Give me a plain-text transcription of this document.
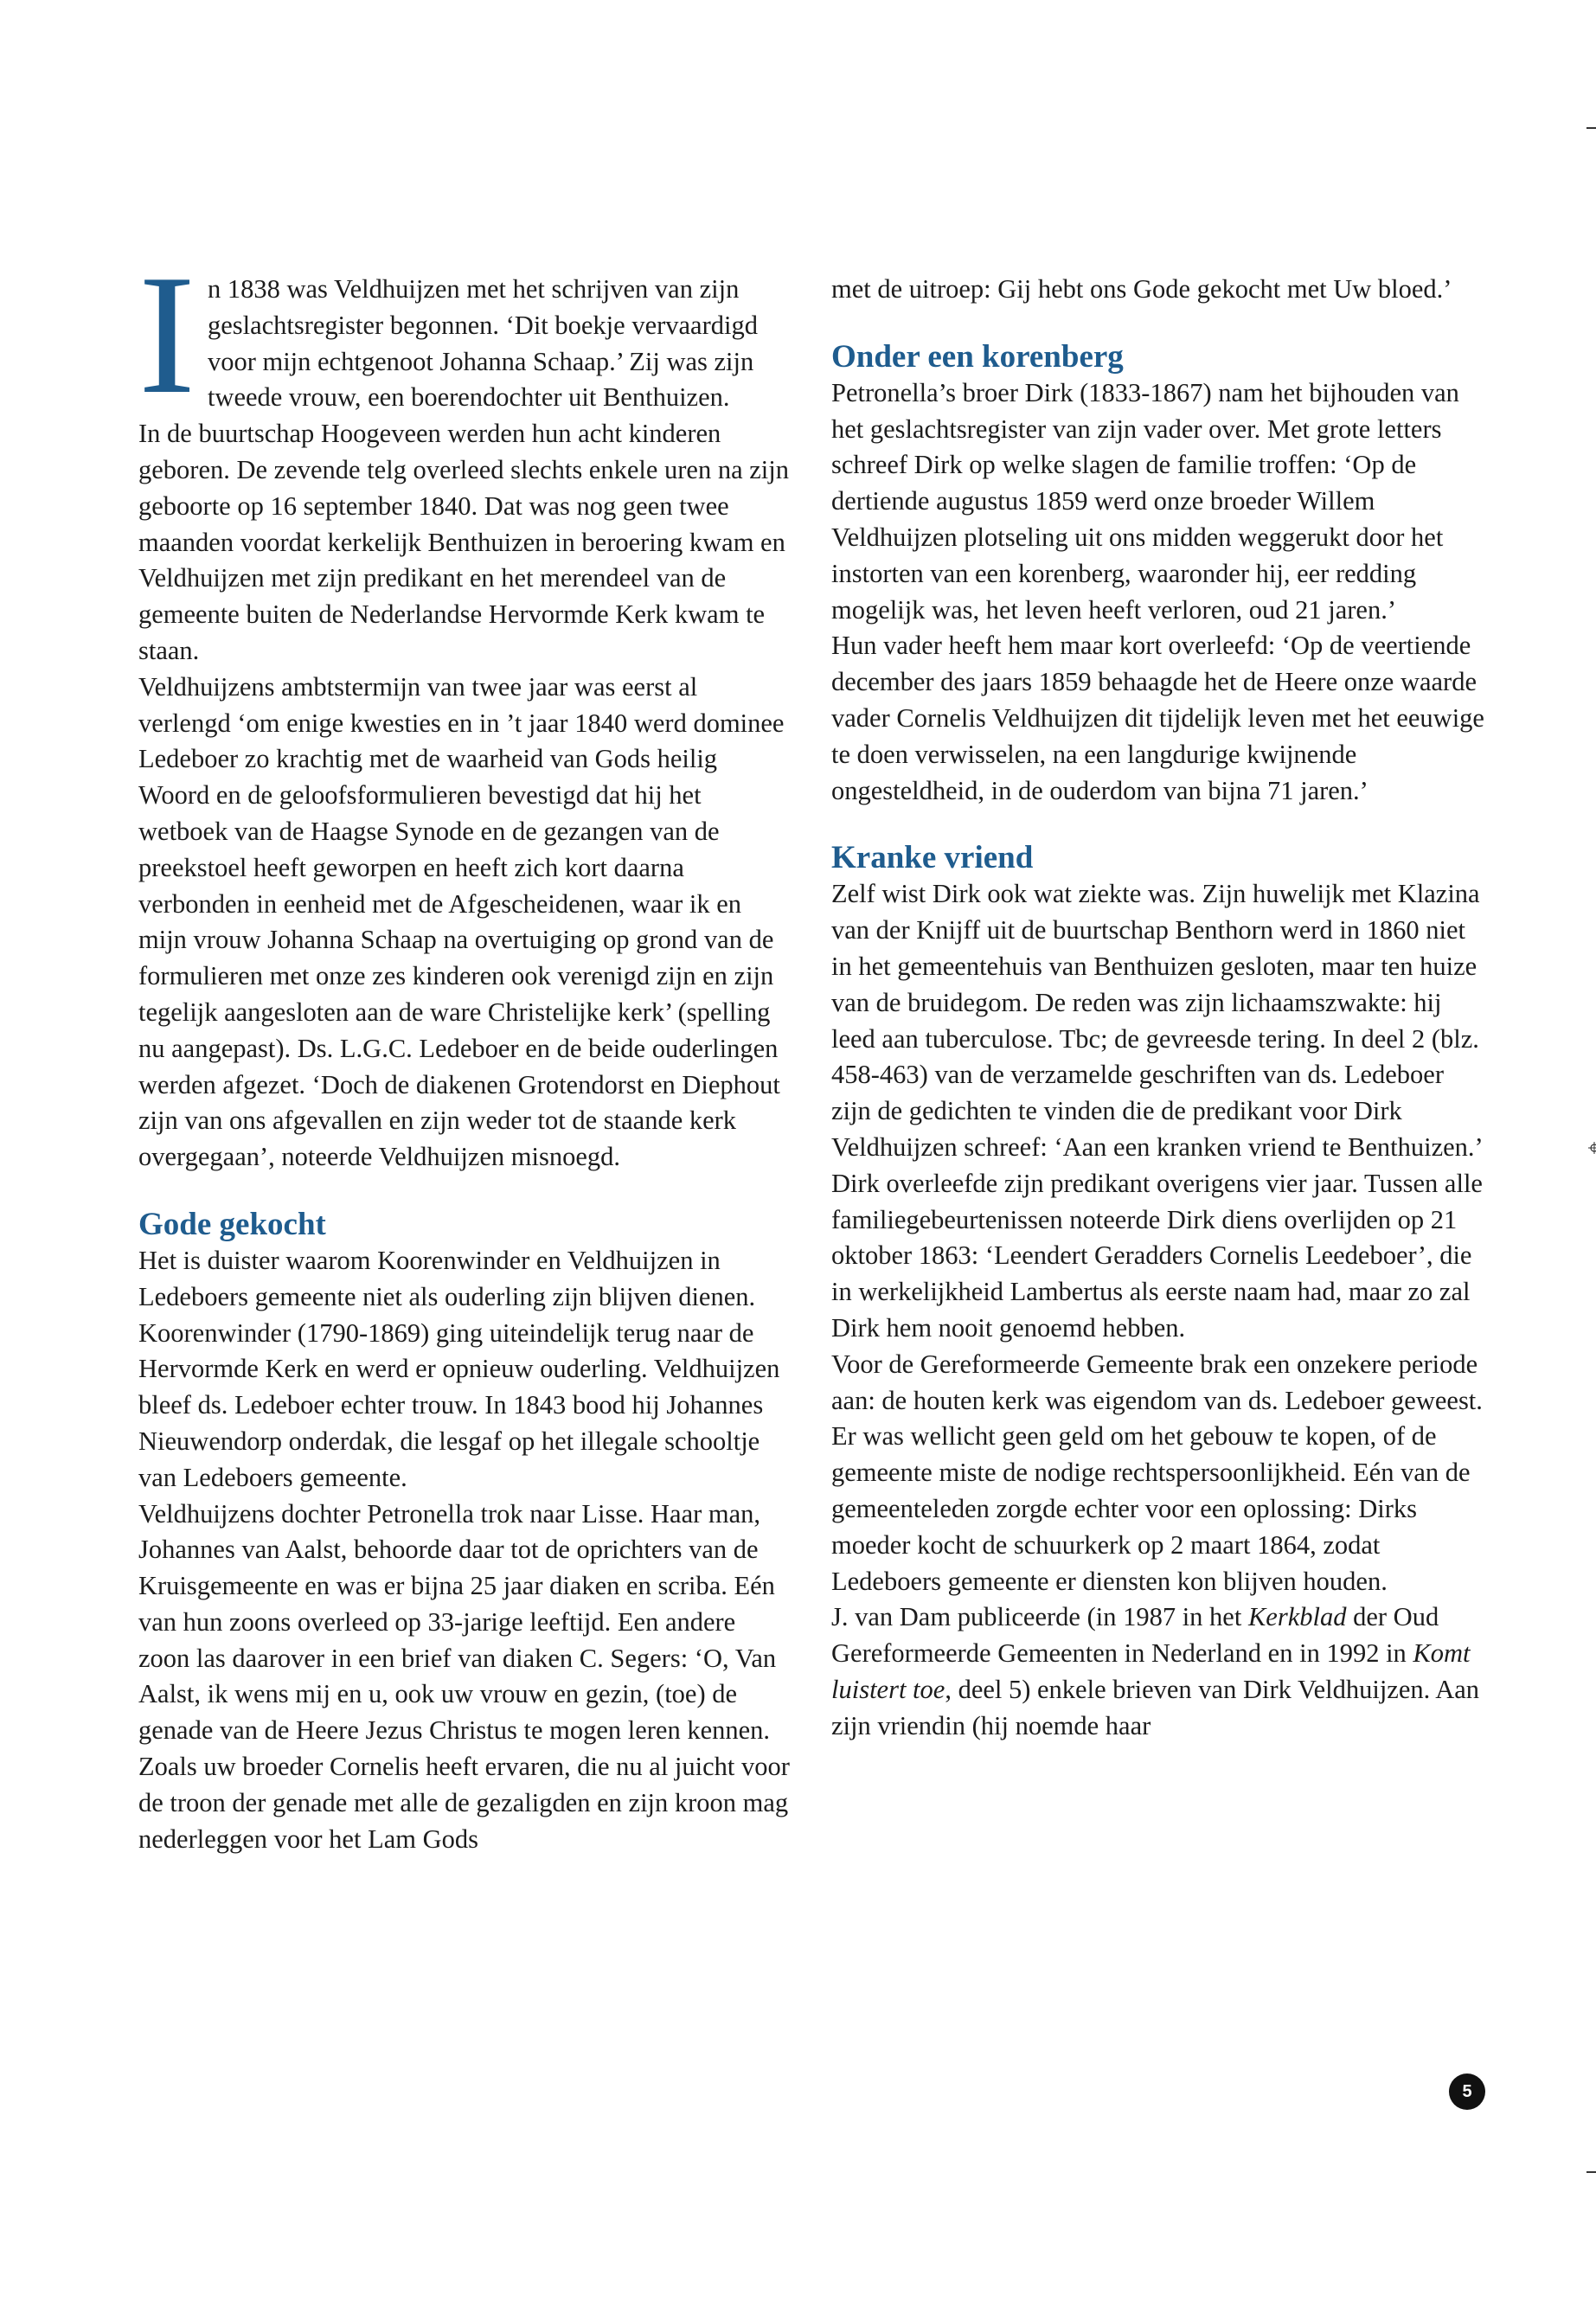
In 1838 was Veldhuijzen met het schrijven van zijn geslachtsregister begonnen. ‘Dit boekje vervaardigd voor mijn echtgenoot Johanna Schaap.’ Zij was zijn tweede vrouw, een boerendochter uit Benthuizen.

In de buurtschap Hoogeveen werden hun acht kinderen geboren. De zevende telg overleed slechts enkele uren na zijn geboorte op 16 september 1840. Dat was nog geen twee maanden voordat kerkelijk Benthuizen in beroering kwam en Veldhuijzen met zijn predikant en het merendeel van de gemeente buiten de Nederlandse Hervormde Kerk kwam te staan.

Veldhuijzens ambtstermijn van twee jaar was eerst al verlengd ‘om enige kwesties en in ’t jaar 1840 werd dominee Ledeboer zo krachtig met de waarheid van Gods heilig Woord en de geloofsformulieren bevestigd dat hij het wetboek van de Haagse Synode en de gezangen van de preekstoel heeft geworpen en heeft zich kort daarna verbonden in eenheid met de Afgescheidenen, waar ik en mijn vrouw Johanna Schaap na overtuiging op grond van de formulieren met onze zes kinderen ook verenigd zijn en zijn tegelijk aangesloten aan de ware Christelijke kerk’ (spelling nu aangepast). Ds. L.G.C. Ledeboer en de beide ouderlingen werden afgezet. ‘Doch de diakenen Grotendorst en Diephout zijn van ons afgevallen en zijn weder tot de staande kerk overgegaan’, noteerde Veldhuijzen misnoegd.

Gode gekocht

Het is duister waarom Koorenwinder en Veldhuijzen in Ledeboers gemeente niet als ouderling zijn blijven dienen. Koorenwinder (1790-1869) ging uiteindelijk terug naar de Hervormde Kerk en werd er opnieuw ouderling. Veldhuijzen bleef ds. Ledeboer echter trouw. In 1843 bood hij Johannes Nieuwendorp onderdak, die lesgaf op het illegale schooltje van Ledeboers gemeente.

Veldhuijzens dochter Petronella trok naar Lisse. Haar man, Johannes van Aalst, behoorde daar tot de oprichters van de Kruisgemeente en was er bijna 25 jaar diaken en scriba. Eén van hun zoons overleed op 33-jarige leeftijd. Een andere zoon las daarover in een brief van diaken C. Segers: ‘O, Van Aalst, ik wens mij en u, ook uw vrouw en gezin, (toe) de genade van de Heere Jezus Christus te mogen leren kennen. Zoals uw broeder Cornelis heeft ervaren, die nu al juicht voor de troon der genade met alle de gezaligden en zijn kroon mag nederleggen voor het Lam Gods

met de uitroep: Gij hebt ons Gode gekocht met Uw bloed.’

Onder een korenberg

Petronella’s broer Dirk (1833-1867) nam het bijhouden van het geslachtsregister van zijn vader over. Met grote letters schreef Dirk op welke slagen de familie troffen: ‘Op de dertiende augustus 1859 werd onze broeder Willem Veldhuijzen plotseling uit ons midden weggerukt door het instorten van een korenberg, waaronder hij, eer redding mogelijk was, het leven heeft verloren, oud 21 jaren.’

Hun vader heeft hem maar kort overleefd: ‘Op de veertiende december des jaars 1859 behaagde het de Heere onze waarde vader Cornelis Veldhuijzen dit tijdelijk leven met het eeuwige te doen verwisselen, na een langdurige kwijnende ongesteldheid, in de ouderdom van bijna 71 jaren.’

Kranke vriend

Zelf wist Dirk ook wat ziekte was. Zijn huwelijk met Klazina van der Knijff uit de buurtschap Benthorn werd in 1860 niet in het gemeentehuis van Benthuizen gesloten, maar ten huize van de bruidegom. De reden was zijn lichaamszwakte: hij leed aan tuberculose. Tbc; de gevreesde tering. In deel 2 (blz. 458-463) van de verzamelde geschriften van ds. Ledeboer zijn de gedichten te vinden die de predikant voor Dirk Veldhuijzen schreef: ‘Aan een kranken vriend te Benthuizen.’

Dirk overleefde zijn predikant overigens vier jaar. Tussen alle familiegebeurtenissen noteerde Dirk diens overlijden op 21 oktober 1863: ‘Leendert Geradders Cornelis Leedeboer’, die in werkelijkheid Lambertus als eerste naam had, maar zo zal Dirk hem nooit genoemd hebben.

Voor de Gereformeerde Gemeente brak een onzekere periode aan: de houten kerk was eigendom van ds. Ledeboer geweest. Er was wellicht geen geld om het gebouw te kopen, of de gemeente miste de nodige rechtspersoonlijkheid. Eén van de gemeenteleden zorgde echter voor een oplossing: Dirks moeder kocht de schuurkerk op 2 maart 1864, zodat Ledeboers gemeente er diensten kon blijven houden.

J. van Dam publiceerde (in 1987 in het Kerkblad der Oud Gereformeerde Gemeenten in Nederland en in 1992 in Komt luistert toe, deel 5) enkele brieven van Dirk Veldhuijzen. Aan zijn vriendin (hij noemde haar

5
